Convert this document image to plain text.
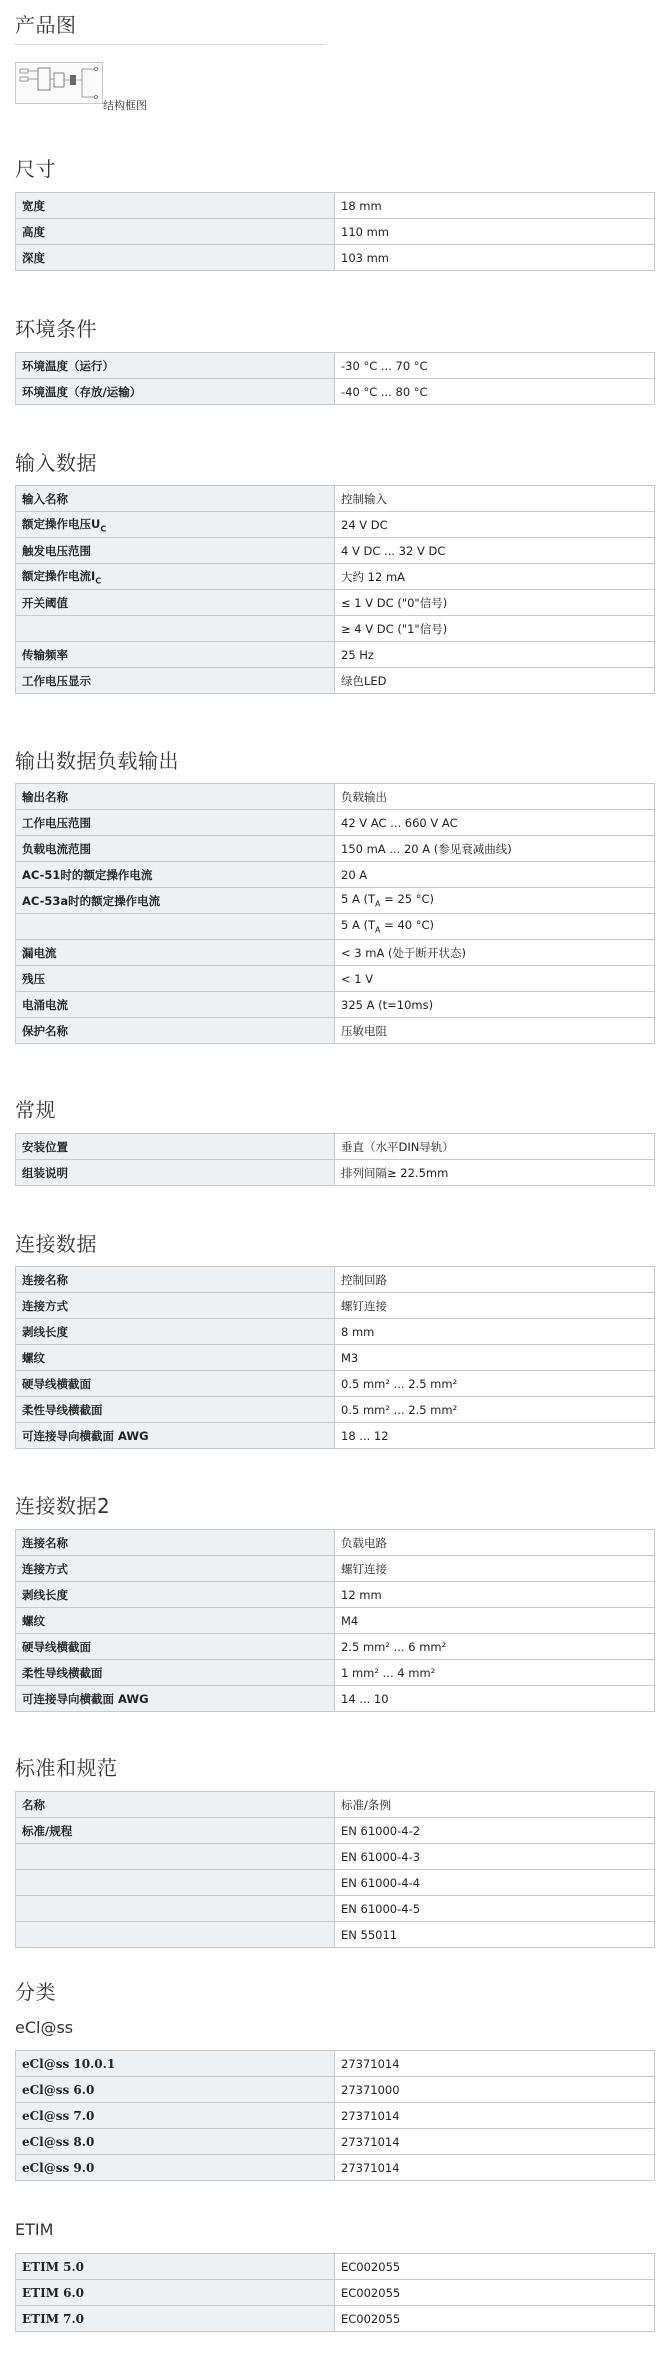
产品图
结构框图
尺寸
宽度	18 mm
高度	110 mm
深度	103 mm
环境条件
环境温度（运行）	-30 °C ... 70 °C
环境温度（存放/运输）	-40 °C ... 80 °C
输入数据
输入名称	控制输入
额定操作电压$U_C$	24 V DC
触发电压范围	4 V DC ... 32 V DC
额定操作电流$I_C$	大约 12 mA
开关阈值	≤ 1 V DC ("0"信号)
	≥ 4 V DC ("1"信号)
传输频率	25 Hz
工作电压显示	绿色LED
输出数据负载输出
输出名称	负载输出
工作电压范围	42 V AC ... 660 V AC
负载电流范围	150 mA ... 20 A (参见衰减曲线)
AC-51时的额定操作电流	20 A
AC-53a时的额定操作电流	5 A ($T_A = 25$ °C)
	5 A ($T_A = 40$ °C)
漏电流	< 3 mA (处于断开状态)
残压	< 1 V
电涌电流	325 A (t=10ms)
保护名称	压敏电阻
常规
安装位置	垂直（水平DIN导轨）
组装说明	排列间隔≥ 22.5mm
连接数据
连接名称	控制回路
连接方式	螺钉连接
剥线长度	8 mm
螺纹	M3
硬导线横截面	0.5 mm² ... 2.5 mm²
柔性导线横截面	0.5 mm² ... 2.5 mm²
可连接导向横截面 AWG	18 ... 12
连接数据2
连接名称	负载电路
连接方式	螺钉连接
剥线长度	12 mm
螺纹	M4
硬导线横截面	2.5 mm² ... 6 mm²
柔性导线横截面	1 mm² ... 4 mm²
可连接导向横截面 AWG	14 ... 10
标准和规范
名称	标准/条例
标准/规程	EN 61000-4-2
	EN 61000-4-3
	EN 61000-4-4
	EN 61000-4-5
	EN 55011
分类
eCl@ss
eCl@ss 10.0.1	27371014
eCl@ss 6.0	27371000
eCl@ss 7.0	27371014
eCl@ss 8.0	27371014
eCl@ss 9.0	27371014
ETIM
ETIM 5.0	EC002055
ETIM 6.0	EC002055
ETIM 7.0	EC002055
